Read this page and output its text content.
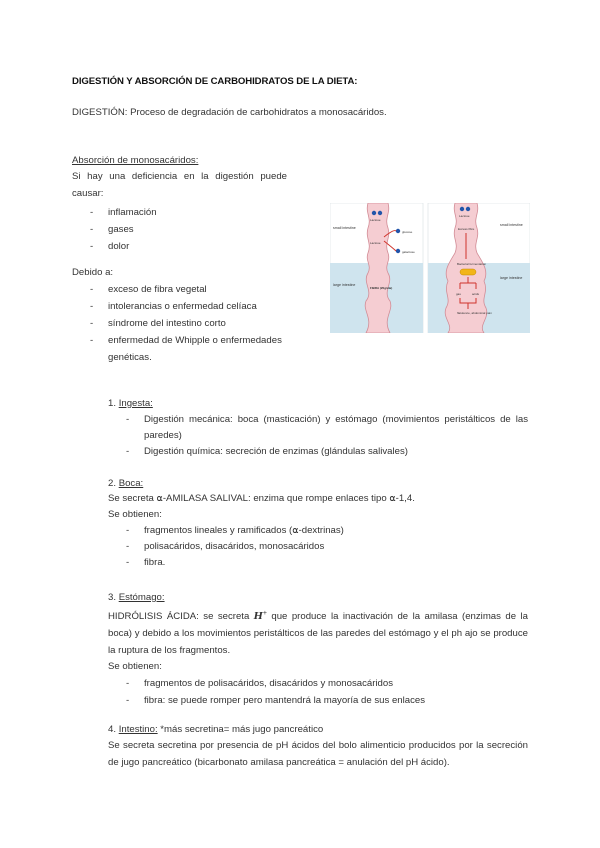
DIGESTIÓN Y ABSORCIÓN DE CARBOHIDRATOS DE LA DIETA:
DIGESTIÓN: Proceso de degradación de carbohidratos a monosacáridos.
Absorción de monosacáridos:
Si hay una deficiencia en la digestión puede causar:
- inflamación
- gases
- dolor
Debido a:
- exceso de fibra vegetal
- intolerancias o enfermedad celíaca
- síndrome del intestino corto
- enfermedad de Whipple o enfermedades genéticas.
small intestine
large intestine
Lactose
glucose
galactose
Lactose
FIBRA (20g/día)
Lactose
Excess fibre
small intestine
large intestine
Bacterial fermentation
gas	acids
flatulence, abdominal pain
1. Ingesta:
- Digestión mecánica: boca (masticación) y estómago (movimientos peristálticos de las paredes)
- Digestión química: secreción de enzimas (glándulas salivales)
2. Boca:
Se secreta ⍺-AMILASA SALIVAL: enzima que rompe enlaces tipo ⍺-1,4.
Se obtienen:
- fragmentos lineales y ramificados (⍺-dextrinas)
- polisacáridos, disacáridos, monosacáridos
- fibra.
3. Estómago:
HIDRÓLISIS ÁCIDA: se secreta H+ que produce la inactivación de la amilasa (enzimas de la boca) y debido a los movimientos peristálticos de las paredes del estómago y el ph ajo se produce la ruptura de los fragmentos.
Se obtienen:
- fragmentos de polisacáridos, disacáridos y monosacáridos
- fibra: se puede romper pero mantendrá la mayoría de sus enlaces
4. Intestino: *más secretina= más jugo pancreático
Se secreta secretina por presencia de pH ácidos del bolo alimenticio producidos por la secreción de jugo pancreático (bicarbonato amilasa pancreática = anulación del pH ácido).
